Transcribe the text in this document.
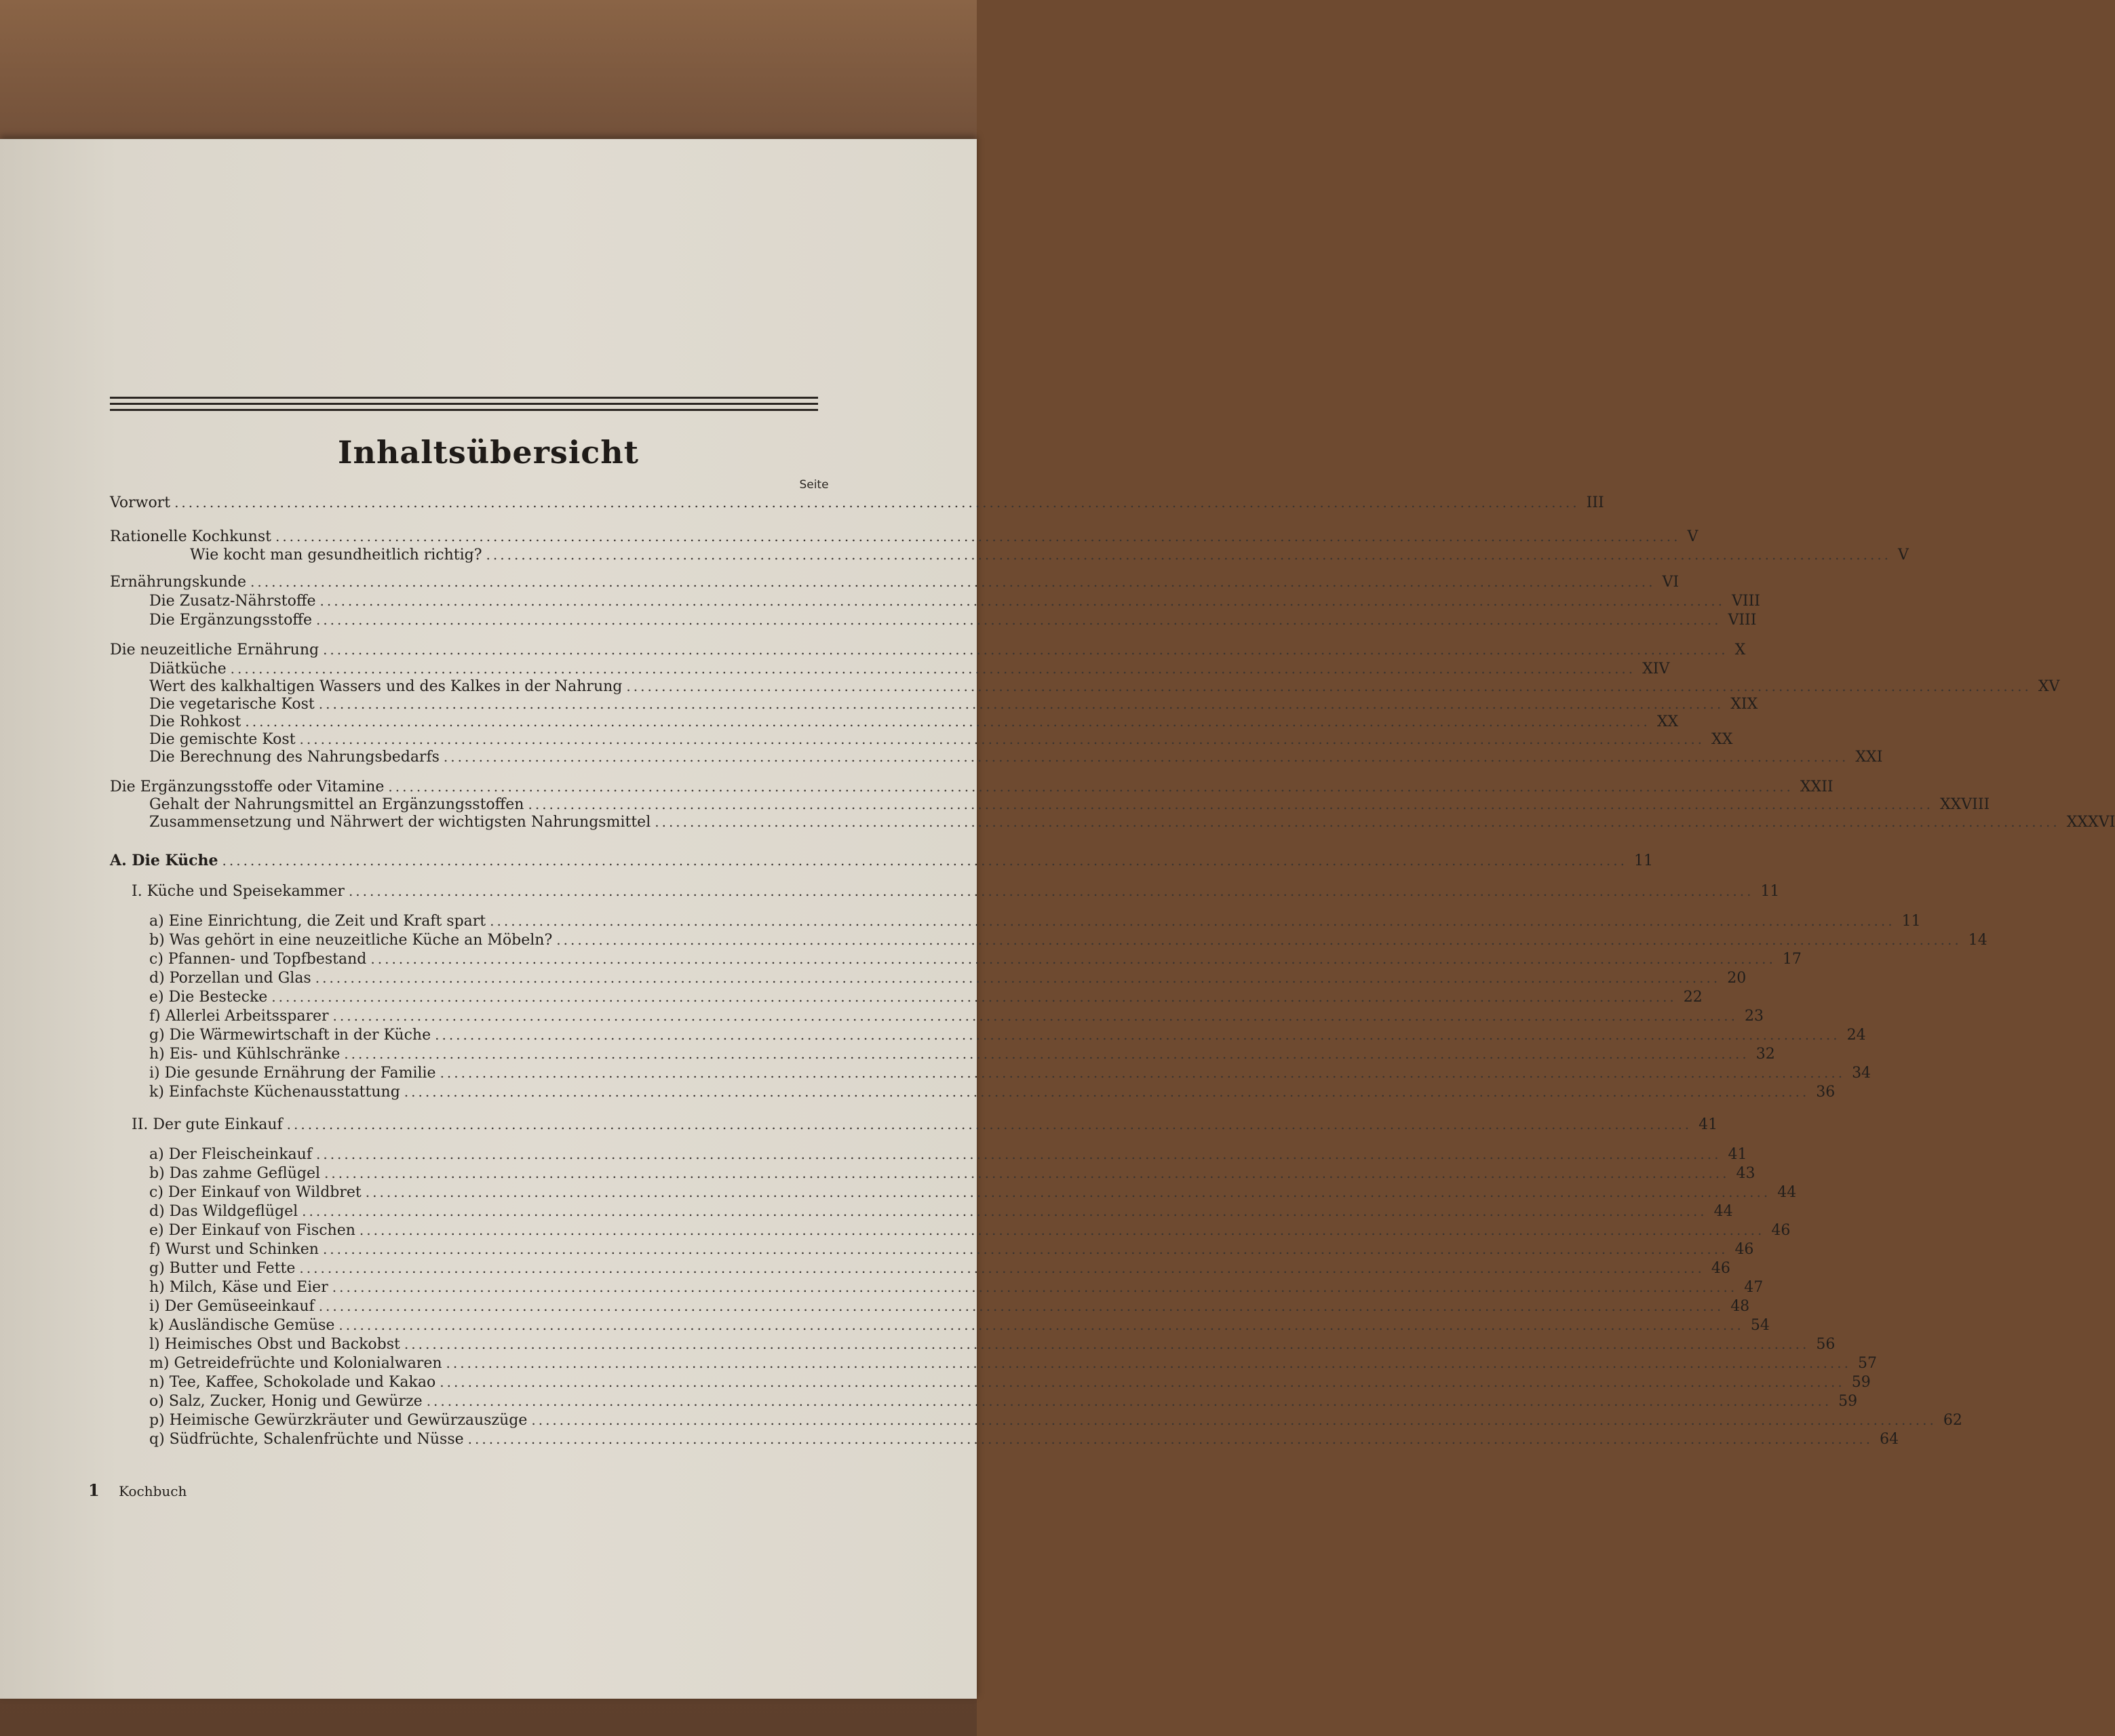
Inhaltsübersicht
Seite
Vorwort ........................................................................................................................................................................................................ III
Rationelle Kochkunst ........................................................................................................................................................................................................ V
Wie kocht man gesundheitlich richtig? ........................................................................................................................................................................................................ V
Ernährungskunde ........................................................................................................................................................................................................ VI
Die Zusatz-Nährstoffe ........................................................................................................................................................................................................ VIII
Die Ergänzungsstoffe ........................................................................................................................................................................................................ VIII
Die neuzeitliche Ernährung ........................................................................................................................................................................................................ X
Diätküche ........................................................................................................................................................................................................ XIV
Wert des kalkhaltigen Wassers und des Kalkes in der Nahrung ........................................................................................................................................................................................................ XV
Die vegetarische Kost ........................................................................................................................................................................................................ XIX
Die Rohkost ........................................................................................................................................................................................................ XX
Die gemischte Kost ........................................................................................................................................................................................................ XX
Die Berechnung des Nahrungsbedarfs ........................................................................................................................................................................................................ XXI
Die Ergänzungsstoffe oder Vitamine ........................................................................................................................................................................................................ XXII
Gehalt der Nahrungsmittel an Ergänzungsstoffen ........................................................................................................................................................................................................ XXVIII
Zusammensetzung und Nährwert der wichtigsten Nahrungsmittel ........................................................................................................................................................................................................ XXXVI
A. Die Küche ........................................................................................................................................................................................................ 11
I. Küche und Speisekammer ........................................................................................................................................................................................................ 11
a) Eine Einrichtung, die Zeit und Kraft spart ........................................................................................................................................................................................................ 11
b) Was gehört in eine neuzeitliche Küche an Möbeln? ........................................................................................................................................................................................................ 14
c) Pfannen- und Topfbestand ........................................................................................................................................................................................................ 17
d) Porzellan und Glas ........................................................................................................................................................................................................ 20
e) Die Bestecke ........................................................................................................................................................................................................ 22
f) Allerlei Arbeitssparer ........................................................................................................................................................................................................ 23
g) Die Wärmewirtschaft in der Küche ........................................................................................................................................................................................................ 24
h) Eis- und Kühlschränke ........................................................................................................................................................................................................ 32
i) Die gesunde Ernährung der Familie ........................................................................................................................................................................................................ 34
k) Einfachste Küchenausstattung ........................................................................................................................................................................................................ 36
II. Der gute Einkauf ........................................................................................................................................................................................................ 41
a) Der Fleischeinkauf ........................................................................................................................................................................................................ 41
b) Das zahme Geflügel ........................................................................................................................................................................................................ 43
c) Der Einkauf von Wildbret ........................................................................................................................................................................................................ 44
d) Das Wildgeflügel ........................................................................................................................................................................................................ 44
e) Der Einkauf von Fischen ........................................................................................................................................................................................................ 46
f) Wurst und Schinken ........................................................................................................................................................................................................ 46
g) Butter und Fette ........................................................................................................................................................................................................ 46
h) Milch, Käse und Eier ........................................................................................................................................................................................................ 47
i) Der Gemüseeinkauf ........................................................................................................................................................................................................ 48
k) Ausländische Gemüse ........................................................................................................................................................................................................ 54
l) Heimisches Obst und Backobst ........................................................................................................................................................................................................ 56
m) Getreidefrüchte und Kolonialwaren ........................................................................................................................................................................................................ 57
n) Tee, Kaffee, Schokolade und Kakao ........................................................................................................................................................................................................ 59
o) Salz, Zucker, Honig und Gewürze ........................................................................................................................................................................................................ 59
p) Heimische Gewürzkräuter und Gewürzauszüge ........................................................................................................................................................................................................ 62
q) Südfrüchte, Schalenfrüchte und Nüsse ........................................................................................................................................................................................................ 64
1 Kochbuch
